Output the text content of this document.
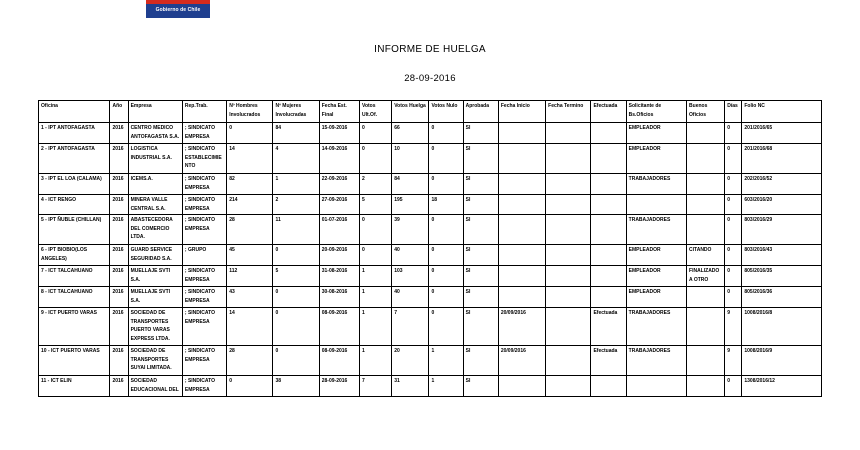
Gobierno de Chile
INFORME DE HUELGA
28-09-2016
Oficina	Año	Empresa	Rep.Trab.	Nº Hombres Involucrados	Nº Mujeres Involucradas	Fecha Est. Final	Votos Ult.Of.	Votos Huelga	Votos Nulo	Aprobada	Fecha Inicio	Fecha Termino	Efectuada	Solicitante de Bs.Oficios	Buenos Oficios	Días	Folio NC
1 - IPT ANTOFAGASTA	2016	CENTRO MEDICO ANTOFAGASTA S.A.	; SINDICATO EMPRESA	0	84	15-09-2016	0	66	0	SI				EMPLEADOR		0	201/2016/65
2 - IPT ANTOFAGASTA	2016	LOGISTICA INDUSTRIAL S.A.	; SINDICATO ESTABLECIMIENTO	14	4	14-09-2016	0	10	0	SI				EMPLEADOR		0	201/2016/68
3 - IPT EL LOA (CALAMA)	2016	ICEMS.A.	; SINDICATO EMPRESA	82	1	22-09-2016	2	84	0	SI				TRABAJADORES		0	202/2016/52
4 - ICT RENGO	2016	MINERA VALLE CENTRAL S.A.	; SINDICATO EMPRESA	214	2	27-09-2016	5	195	18	SI						0	603/2016/20
5 - IPT ÑUBLE (CHILLAN)	2016	ABASTECEDORA DEL COMERCIO LTDA.	; SINDICATO EMPRESA	28	11	01-07-2016	0	39	0	SI				TRABAJADORES		0	803/2016/29
6 - IPT BIOBIO(LOS ANGELES)	2016	GUARD SERVICE SEGURIDAD S.A.	; GRUPO	45	0	20-09-2016	0	40	0	SI				EMPLEADOR	CITANDO	0	803/2016/43
7 - ICT TALCAHUANO	2016	MUELLAJE SVTI S.A.	; SINDICATO EMPRESA	112	5	31-08-2016	1	103	0	SI				EMPLEADOR	FINALIZADO A OTRO	0	805/2016/35
8 - ICT TALCAHUANO	2016	MUELLAJE SVTI S.A.	; SINDICATO EMPRESA	43	0	30-08-2016	1	40	0	SI				EMPLEADOR		0	805/2016/36
9 - ICT PUERTO VARAS	2016	SOCIEDAD DE TRANSPORTES PUERTO VARAS EXPRESS LTDA.	; SINDICATO EMPRESA	14	0	08-09-2016	1	7	0	SI	20/09/2016		Efectuada	TRABAJADORES		9	1008/2016/8
10 - ICT PUERTO VARAS	2016	SOCIEDAD DE TRANSPORTES SUYAI LIMITADA.	; SINDICATO EMPRESA	28	0	08-09-2016	1	20	1	SI	20/09/2016		Efectuada	TRABAJADORES		9	1008/2016/9
11 - ICT ELIN	2016	SOCIEDAD EDUCACIONAL DEL	; SINDICATO EMPRESA	0	38	28-09-2016	7	31	1	SI						0	1308/2016/12
